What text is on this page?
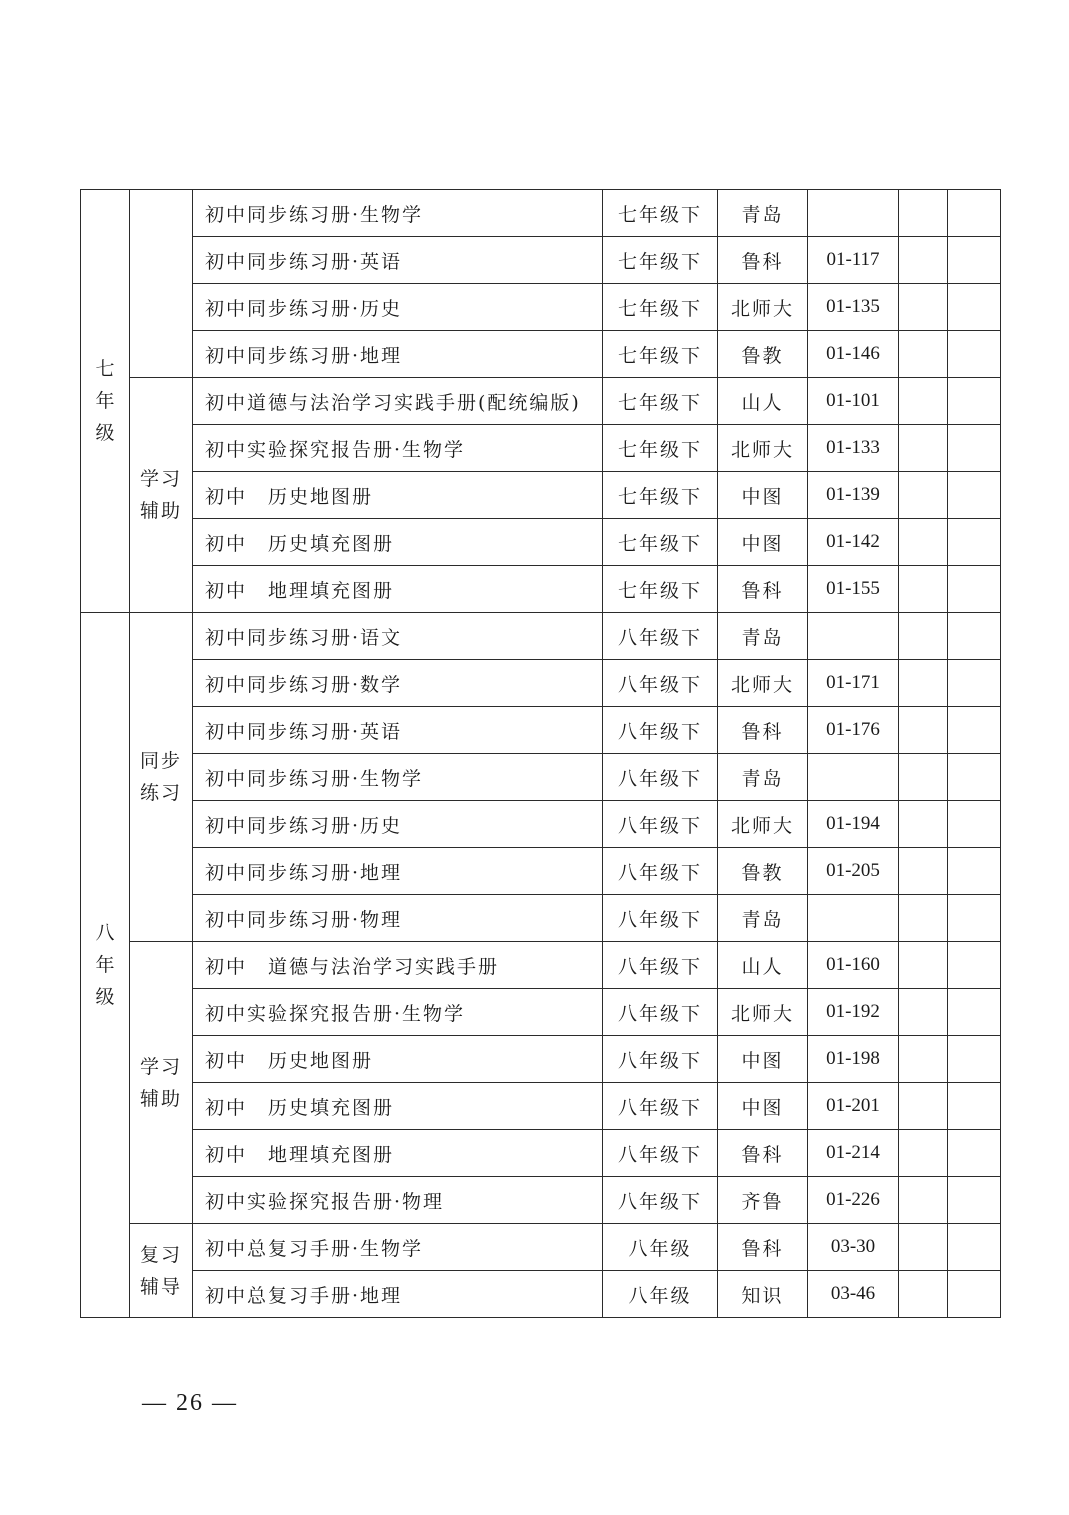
七年级		初中同步练习册·生物学	七年级下	青岛			
		初中同步练习册·英语	七年级下	鲁科	01-117		
		初中同步练习册·历史	七年级下	北师大	01-135		
		初中同步练习册·地理	七年级下	鲁教	01-146		
	学习辅助	初中道德与法治学习实践手册(配统编版)	七年级下	山人	01-101		
		初中实验探究报告册·生物学	七年级下	北师大	01-133		
		初中　历史地图册	七年级下	中图	01-139		
		初中　历史填充图册	七年级下	中图	01-142		
		初中　地理填充图册	七年级下	鲁科	01-155		
八年级	同步练习	初中同步练习册·语文	八年级下	青岛			
		初中同步练习册·数学	八年级下	北师大	01-171		
		初中同步练习册·英语	八年级下	鲁科	01-176		
		初中同步练习册·生物学	八年级下	青岛			
		初中同步练习册·历史	八年级下	北师大	01-194		
		初中同步练习册·地理	八年级下	鲁教	01-205		
		初中同步练习册·物理	八年级下	青岛			
	学习辅助	初中　道德与法治学习实践手册	八年级下	山人	01-160		
		初中实验探究报告册·生物学	八年级下	北师大	01-192		
		初中　历史地图册	八年级下	中图	01-198		
		初中　历史填充图册	八年级下	中图	01-201		
		初中　地理填充图册	八年级下	鲁科	01-214		
		初中实验探究报告册·物理	八年级下	齐鲁	01-226		
	复习辅导	初中总复习手册·生物学	八年级	鲁科	03-30		
		初中总复习手册·地理	八年级	知识	03-46		
— 26 —
